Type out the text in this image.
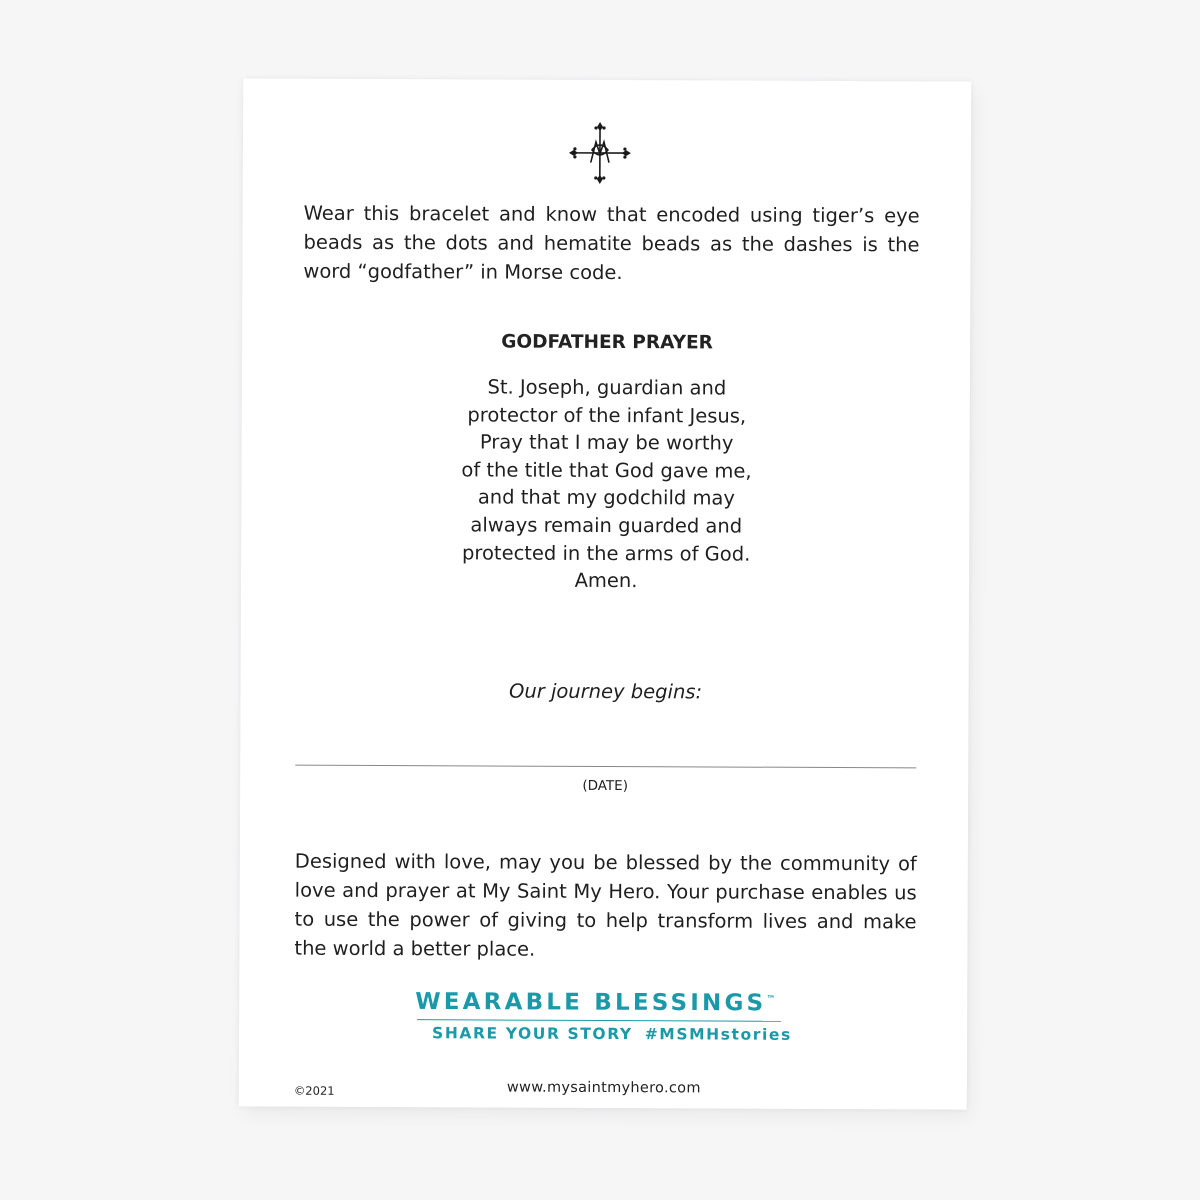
Wear this bracelet and know that encoded using tiger’s eye beads as the dots and hematite beads as the dashes is the word “godfather” in Morse code.
GODFATHER PRAYER
St. Joseph, guardian and
protector of the infant Jesus,
Pray that I may be worthy
of the title that God gave me,
and that my godchild may
always remain guarded and
protected in the arms of God.
Amen.
Our journey begins:
(DATE)
Designed with love, may you be blessed by the community of love and prayer at My Saint My Hero. Your purchase enables us to use the power of giving to help transform lives and make the world a better place.
WEARABLE BLESSINGS™
SHARE YOUR STORY #MSMHstories
©2021	www.mysaintmyhero.com
